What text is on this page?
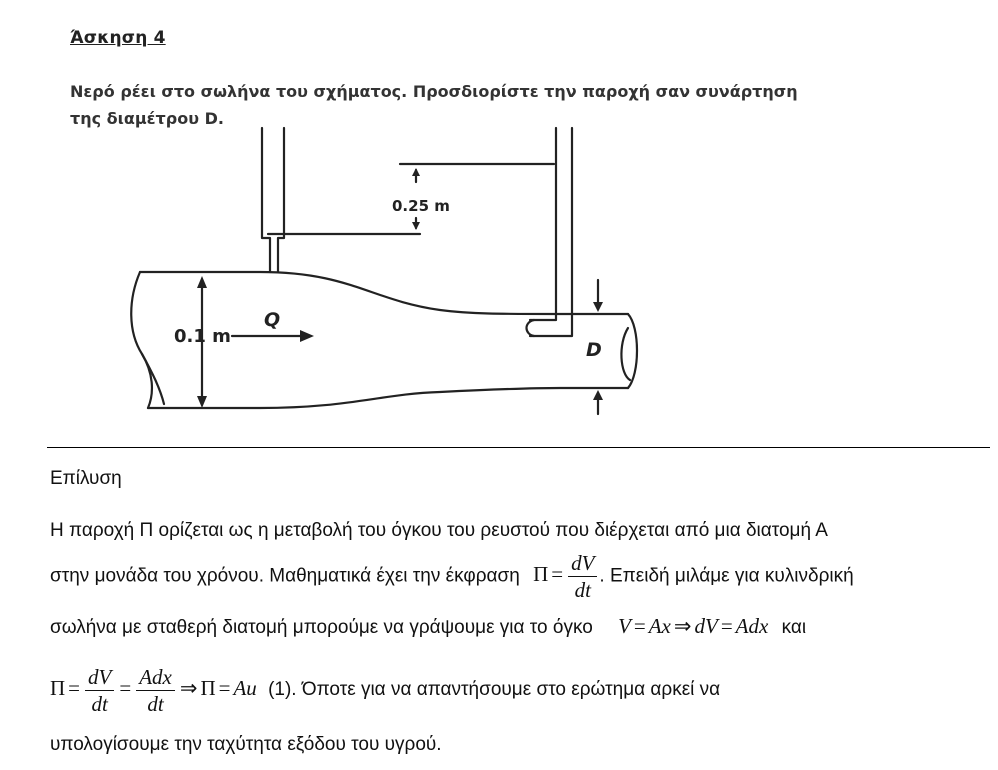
Άσκηση 4
Νερό ρέει στο σωλήνα του σχήματος. Προσδιορίστε την παροχή σαν συνάρτηση της διαμέτρου D.
D
Q
0.1 m
0.25 m
Επίλυση
Η παροχή Π ορίζεται ως η μεταβολή του όγκου του ρευστού που διέρχεται από μια διατομή Α
στην μονάδα του χρόνου. Μαθηματικά έχει την έκφραση $\Pi = \frac{dV}{dt}$ . Επειδή μιλάμε για κυλινδρική
σωλήνα με σταθερή διατομή μπορούμε να γράψουμε για το όγκο V = Ax ⇒ dV = Adx και
$\Pi = \frac{dV}{dt} = \frac{\text{Adx}}{dt}$ ⇒ Π = Au (1). Όποτε για να απαντήσουμε στο ερώτημα αρκεί να
υπολογίσουμε την ταχύτητα εξόδου του υγρού.
